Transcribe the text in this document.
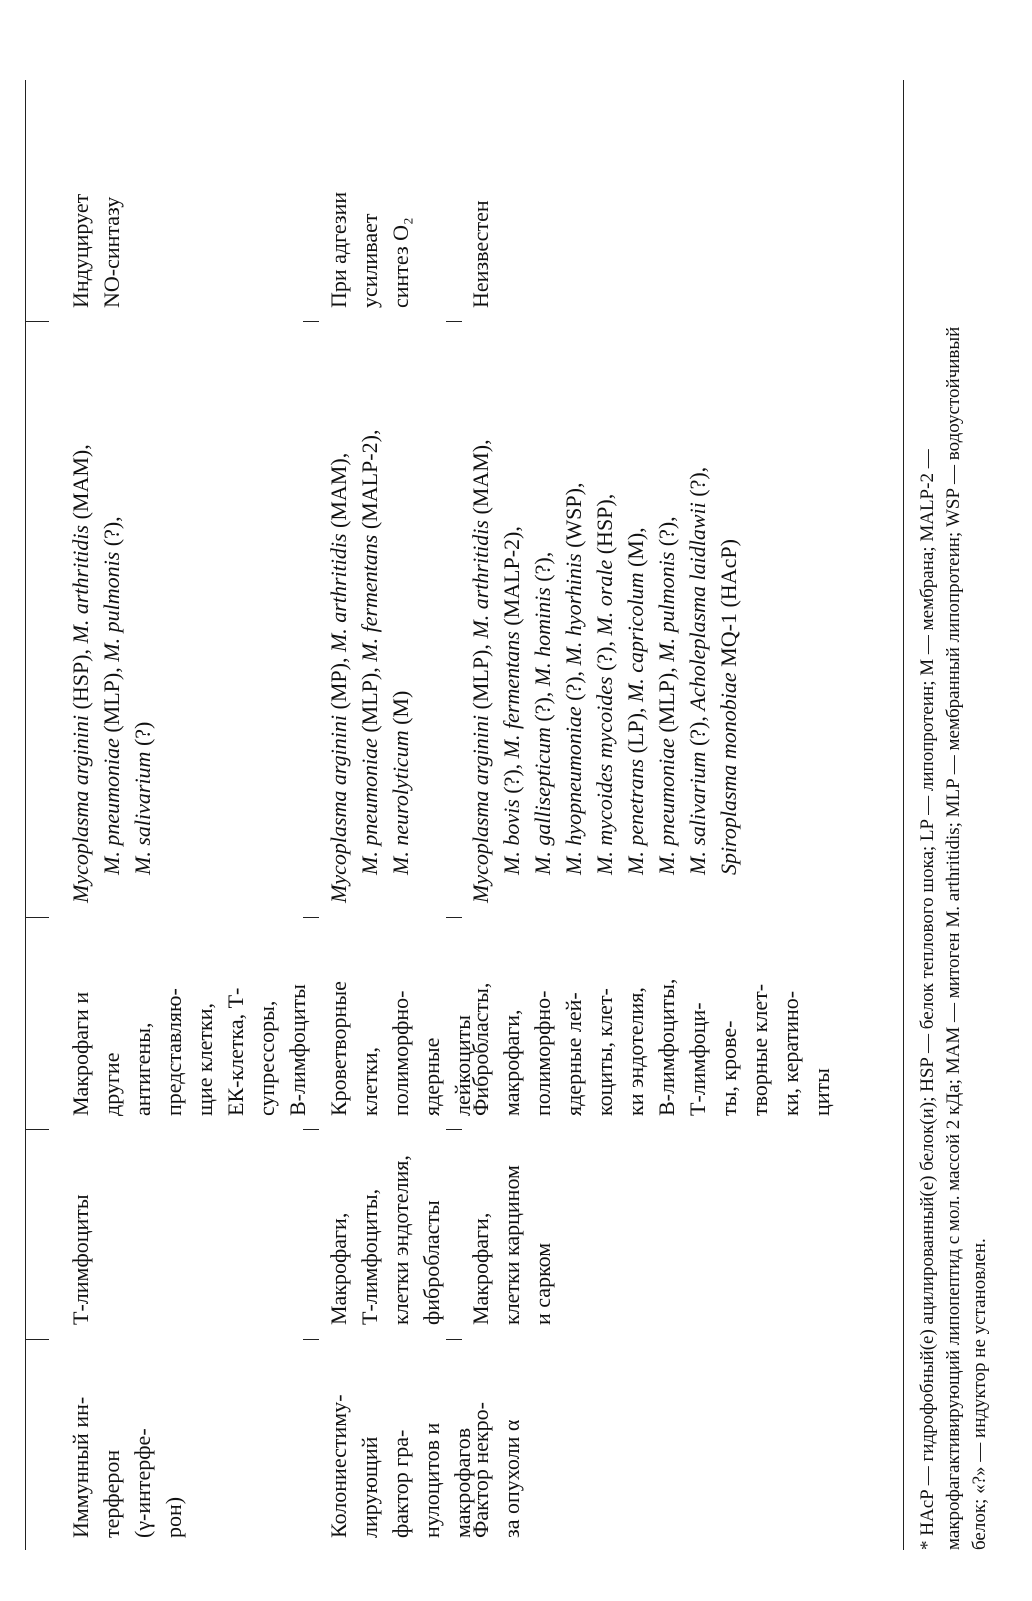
Иммунный ин- терферон (γ-интерфе- рон)
Т-лимфоциты
Макрофаги и другие антигены, представляю- щие клетки, ЕК-клетка, Т- супрессоры, В-лимфоциты
Индуцирует NO-синтазу
Mycoplasma arginini (HSP), M. arthritidis (MAM),
M. pneumoniae (MLP), M. pulmonis (?),
M. salivarium (?)
Колониестиму- лирующий фактор гра- нулоцитов и макрофагов
Макрофаги, Т-лимфоциты, клетки эндотелия, фибробласты
Кроветворные клетки, полиморфно- ядерные лейкоциты
При адгезии усиливает синтез O₂
Mycoplasma arginini (MP), M. arthritidis (MAM),
M. pneumoniae (MLP), M. fermentans (MALP-2),
M. neurolyticum (M)
Фактор некро- за опухоли α
Макрофаги, клетки карцином и сарком
Фибробласты, макрофаги, полиморфно- ядерные лей- коциты, клет- ки эндотелия, В-лимфоциты, Т-лимфоци- ты, крове- творные клет- ки, кератино- циты
Неизвестен
Mycoplasma arginini (MLP), M. arthritidis (MAM),
M. bovis (?), M. fermentans (MALP-2),
M. gallisepticum (?), M. hominis (?),
M. hyopneumoniae (?), M. hyorhinis (WSP),
M. mycoides mycoides (?), M. orale (HSP),
M. penetrans (LP), M. capricolum (M),
M. pneumoniae (MLP), M. pulmonis (?),
M. salivarium (?), Acholeplasma laidlawii (?),
Spiroplasma monobiae MQ-1 (HAcP)	* HAcP — гидрофобный(е) ацилированный(е) белок(и); HSP — белок теплового шока; LP — липопротеин; M — мембрана; MALP-2 — макрофагактивирующий липопептид с мол. массой 2 кДа; MAM — митоген M. arthritidis; MLP — мембранный липопротеин; WSP — водоустойчивый белок; «?» — индуктор не установлен.
